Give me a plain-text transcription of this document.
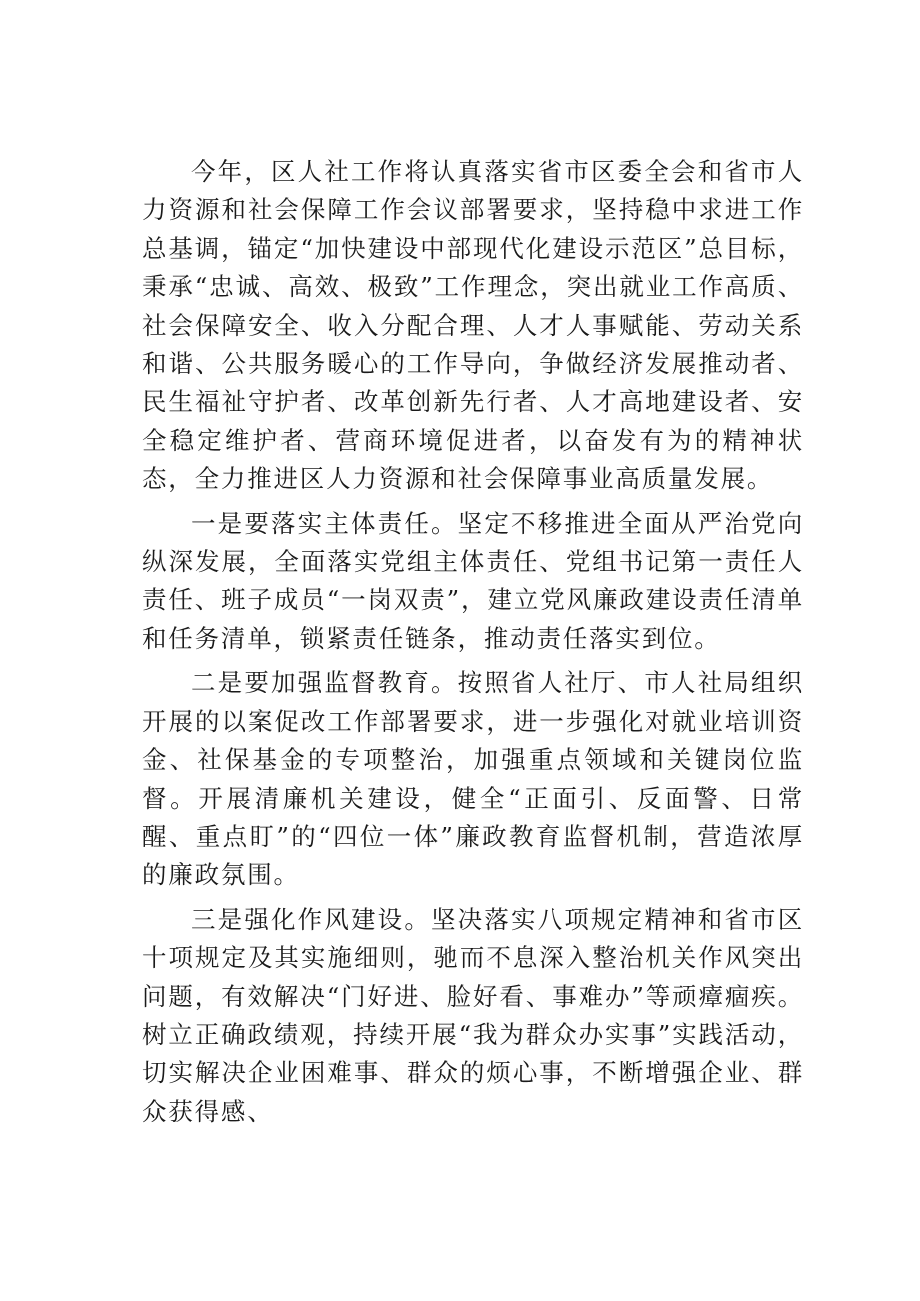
今年，区人社工作将认真落实省市区委全会和省市人力资源和社会保障工作会议部署要求，坚持稳中求进工作总基调，锚定“加快建设中部现代化建设示范区”总目标，秉承“忠诚、高效、极致”工作理念，突出就业工作高质、社会保障安全、收入分配合理、人才人事赋能、劳动关系和谐、公共服务暖心的工作导向，争做经济发展推动者、民生福祉守护者、改革创新先行者、人才高地建设者、安全稳定维护者、营商环境促进者，以奋发有为的精神状态，全力推进区人力资源和社会保障事业高质量发展。

一是要落实主体责任。坚定不移推进全面从严治党向纵深发展，全面落实党组主体责任、党组书记第一责任人责任、班子成员“一岗双责”，建立党风廉政建设责任清单和任务清单，锁紧责任链条，推动责任落实到位。

二是要加强监督教育。按照省人社厅、市人社局组织开展的以案促改工作部署要求，进一步强化对就业培训资金、社保基金的专项整治，加强重点领域和关键岗位监督。开展清廉机关建设，健全“正面引、反面警、日常醒、重点盯”的“四位一体”廉政教育监督机制，营造浓厚的廉政氛围。

三是强化作风建设。坚决落实八项规定精神和省市区十项规定及其实施细则，驰而不息深入整治机关作风突出问题，有效解决“门好进、脸好看、事难办”等顽瘴痼疾。树立正确政绩观，持续开展“我为群众办实事”实践活动，切实解决企业困难事、群众的烦心事，不断增强企业、群众获得感、
